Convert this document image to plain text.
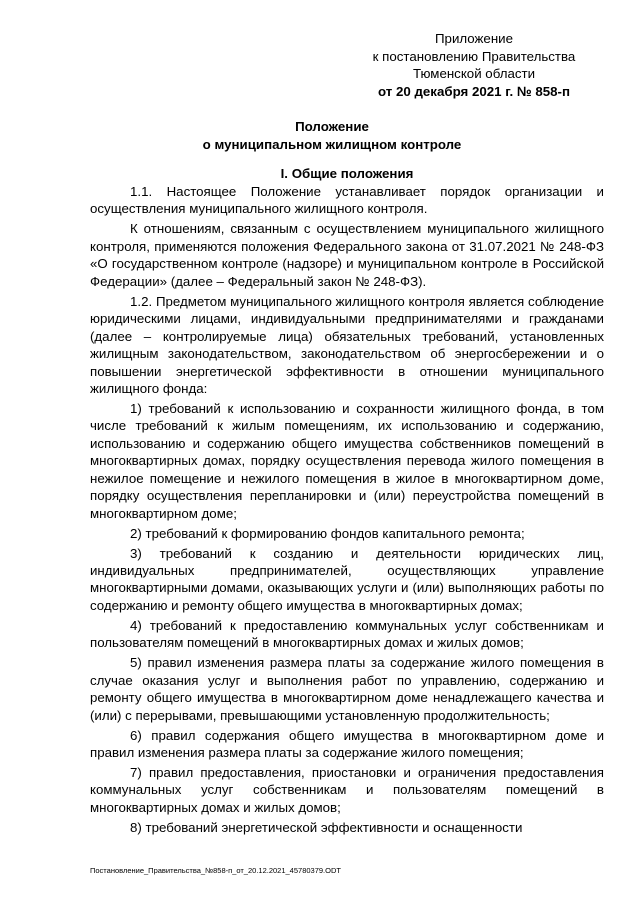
Приложение
к постановлению Правительства
Тюменской области
от 20 декабря 2021 г. № 858-п
Положение
о муниципальном жилищном контроле
I. Общие положения

1.1. Настоящее Положение устанавливает порядок организации и осуществления муниципального жилищного контроля.

К отношениям, связанным с осуществлением муниципального жилищного контроля, применяются положения Федерального закона от 31.07.2021 № 248-ФЗ «О государственном контроле (надзоре) и муниципальном контроле в Российской Федерации» (далее – Федеральный закон № 248-ФЗ).

1.2. Предметом муниципального жилищного контроля является соблюдение юридическими лицами, индивидуальными предпринимателями и гражданами (далее – контролируемые лица) обязательных требований, установленных жилищным законодательством, законодательством об энергосбережении и о повышении энергетической эффективности в отношении муниципального жилищного фонда:

1) требований к использованию и сохранности жилищного фонда, в том числе требований к жилым помещениям, их использованию и содержанию, использованию и содержанию общего имущества собственников помещений в многоквартирных домах, порядку осуществления перевода жилого помещения в нежилое помещение и нежилого помещения в жилое в многоквартирном доме, порядку осуществления перепланировки и (или) переустройства помещений в многоквартирном доме;

2) требований к формированию фондов капитального ремонта;

3) требований к созданию и деятельности юридических лиц, индивидуальных предпринимателей, осуществляющих управление многоквартирными домами, оказывающих услуги и (или) выполняющих работы по содержанию и ремонту общего имущества в многоквартирных домах;

4) требований к предоставлению коммунальных услуг собственникам и пользователям помещений в многоквартирных домах и жилых домов;

5) правил изменения размера платы за содержание жилого помещения в случае оказания услуг и выполнения работ по управлению, содержанию и ремонту общего имущества в многоквартирном доме ненадлежащего качества и (или) с перерывами, превышающими установленную продолжительность;

6) правил содержания общего имущества в многоквартирном доме и правил изменения размера платы за содержание жилого помещения;

7) правил предоставления, приостановки и ограничения предоставления коммунальных услуг собственникам и пользователям помещений в многоквартирных домах и жилых домов;

8) требований энергетической эффективности и оснащенности

Постановление_Правительства_№858-п_от_20.12.2021_45780379.ODT
